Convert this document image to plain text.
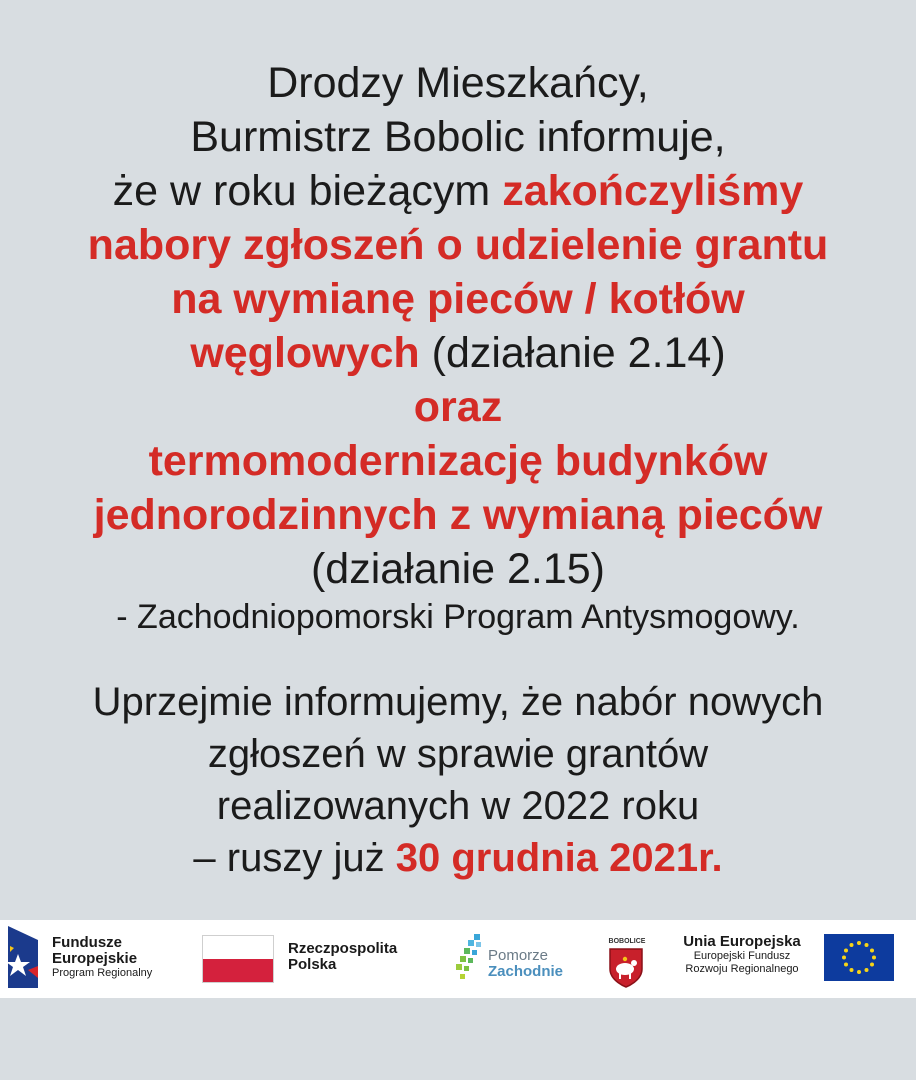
Drodzy Mieszkańcy,
Burmistrz Bobolic informuje,
że w roku bieżącym zakończyliśmy
nabory zgłoszeń o udzielenie grantu
na wymianę pieców / kotłów
węglowych (działanie 2.14)
oraz
termomodernizację budynków
jednorodzinnych z wymianą pieców
(działanie 2.15)
- Zachodniopomorski Program Antysmogowy.
Uprzejmie informujemy, że nabór nowych
zgłoszeń w sprawie grantów
realizowanych w 2022 roku
– ruszy już 30 grudnia 2021r.
Fundusze
Europejskie
Program Regionalny
Rzeczpospolita
Polska
Pomorze
Zachodnie
BOBOLICE	Unia Europejska
Europejski Fundusz
Rozwoju Regionalnego
